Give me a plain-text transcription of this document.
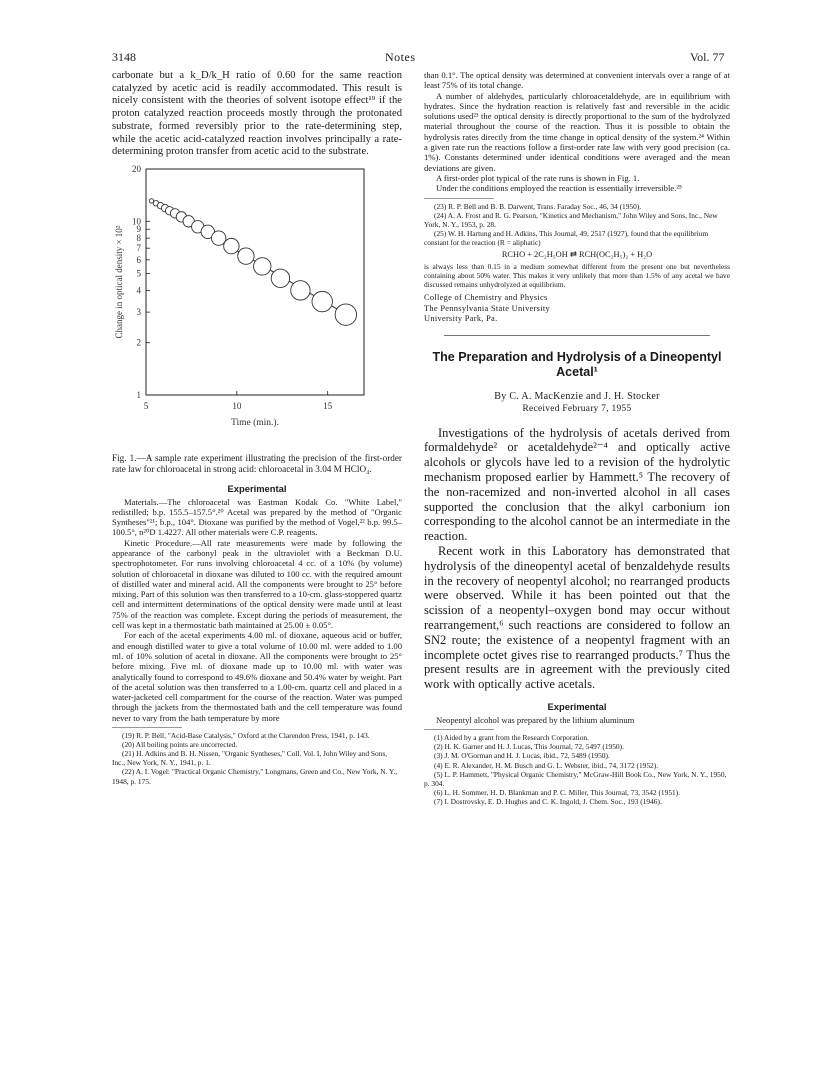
3148	Notes	Vol. 77

carbonate but a k_D/k_H ratio of 0.60 for the same reaction catalyzed by acetic acid is readily accommodated. This result is nicely consistent with the theories of solvent isotope effect¹⁹ if the proton catalyzed reaction proceeds mostly through the protonated substrate, formed reversibly prior to the rate-determining step, while the acetic acid-catalyzed reaction involves principally a rate-determining proton transfer from acetic acid to the substrate.

20
10
9
8
7
6
5
4
3
2
1
5	10	15
Time (min.).
Change in optical density × 10²

Fig. 1.—A sample rate experiment illustrating the precision of the first-order rate law for chloroacetal in strong acid: chloroacetal in 3.04 M HClO₄.

Experimental

Materials.—The chloroacetal was Eastman Kodak Co. "White Label," redistilled; b.p. 155.5–157.5°.²⁰ Acetal was prepared by the method of "Organic Syntheses"²¹; b.p., 104°. Dioxane was purified by the method of Vogel,²² b.p. 99.5–100.5°, n²⁰D 1.4227. All other materials were C.P. reagents.

Kinetic Procedure.—All rate measurements were made by following the appearance of the carbonyl peak in the ultraviolet with a Beckman D.U. spectrophotometer. For runs involving chloroacetal 4 cc. of a 10% (by volume) solution of chloroacetal in dioxane was diluted to 100 cc. with the required amount of distilled water and mineral acid. All the components were brought to 25° before mixing. Part of this solution was then transferred to a 10-cm. glass-stoppered quartz cell and intermittent determinations of the optical density were made until at least 75% of the reaction was complete. Except during the periods of measurement, the cell was kept in a thermostatic bath maintained at 25.00 ± 0.05°.

For each of the acetal experiments 4.00 ml. of dioxane, aqueous acid or buffer, and enough distilled water to give a total volume of 10.00 ml. were added to 1.00 ml. of 10% solution of acetal in dioxane. All the components were brought to 25° before mixing. Five ml. of dioxane made up to 10.00 ml. with water was analytically found to correspond to 49.6% dioxane and 50.4% water by weight. Part of the acetal solution was then transferred to a 1.00-cm. quartz cell and placed in a water-jacketed cell compartment for the course of the reaction. Water was pumped through the jackets from the thermostated bath and the cell temperature was found never to vary from the bath temperature by more

(19) R. P. Bell, "Acid-Base Catalysis," Oxford at the Clarendon Press, 1941, p. 143.

(20) All boiling points are uncorrected.

(21) H. Adkins and B. H. Nissen, "Organic Syntheses," Coll. Vol. I, John Wiley and Sons, Inc., New York, N. Y., 1941, p. 1.

(22) A. I. Vogel: "Practical Organic Chemistry," Longmans, Green and Co., New York, N. Y., 1948, p. 175.

than 0.1°. The optical density was determined at convenient intervals over a range of at least 75% of its total change.

A number of aldehydes, particularly chloroacetaldehyde, are in equilibrium with hydrates. Since the hydration reaction is relatively fast and reversible in the acidic solutions used²³ the optical density is directly proportional to the sum of the hydrolyzed material throughout the course of the reaction. Thus it is possible to obtain the hydrolysis rates directly from the time change in optical density of the system.²⁴ Within a given rate run the reactions follow a first-order rate law with very good precision (ca. 1%). Constants determined under identical conditions were averaged and the mean deviations are given.

A first-order plot typical of the rate runs is shown in Fig. 1.

Under the conditions employed the reaction is essentially irreversible.²⁵

(23) R. P. Bell and B. B. Darwent, Trans. Faraday Soc., 46, 34 (1950).

(24) A. A. Frost and R. G. Pearson, "Kinetics and Mechanism," John Wiley and Sons, Inc., New York, N. Y., 1953, p. 28.

(25) W. H. Hartung and H. Adkins, This Journal, 49, 2517 (1927), found that the equilibrium constant for the reaction (R = aliphatic)

RCHO + 2C₂H₅OH ⇄ RCH(OC₂H₅)₂ + H₂O

is always less than 0.15 in a medium somewhat different from the present one but nevertheless containing about 50% water. This makes it very unlikely that more than 1.5% of any acetal we have discussed remains unhydrolyzed at equilibrium.

College of Chemistry and Physics

The Pennsylvania State University

University Park, Pa.

The Preparation and Hydrolysis of a Dineopentyl Acetal¹

By C. A. MacKenzie and J. H. Stocker

Received February 7, 1955

Investigations of the hydrolysis of acetals derived from formaldehyde² or acetaldehyde²⁻⁴ and optically active alcohols or glycols have led to a revision of the hydrolytic mechanism proposed earlier by Hammett.⁵ The recovery of the non-racemized and non-inverted alcohol in all cases supported the conclusion that the alkyl carbonium ion corresponding to the alcohol cannot be an intermediate in the reaction.

Recent work in this Laboratory has demonstrated that hydrolysis of the dineopentyl acetal of benzaldehyde results in the recovery of neopentyl alcohol; no rearranged products were observed. While it has been pointed out that the scission of a neopentyl–oxygen bond may occur without rearrangement,⁶ such reactions are considered to follow an SN2 route; the existence of a neopentyl fragment with an incomplete octet gives rise to rearranged products.⁷ Thus the present results are in agreement with the previously cited work with optically active acetals.

Experimental

Neopentyl alcohol was prepared by the lithium aluminum

(1) Aided by a grant from the Research Corporation.

(2) H. K. Garner and H. J. Lucas, This Journal, 72, 5497 (1950).

(3) J. M. O'Gorman and H. J. Lucas, ibid., 72, 5489 (1950).

(4) E. R. Alexander, H. M. Busch and G. L. Webster, ibid., 74, 3172 (1952).

(5) L. P. Hammett, "Physical Organic Chemistry," McGraw-Hill Book Co., New York, N. Y., 1950, p. 304.

(6) L. H. Sommer, H. D. Blankman and P. C. Miller, This Journal, 73, 3542 (1951).

(7) I. Dostrovsky, E. D. Hughes and C. K. Ingold, J. Chem. Soc., 193 (1946).
